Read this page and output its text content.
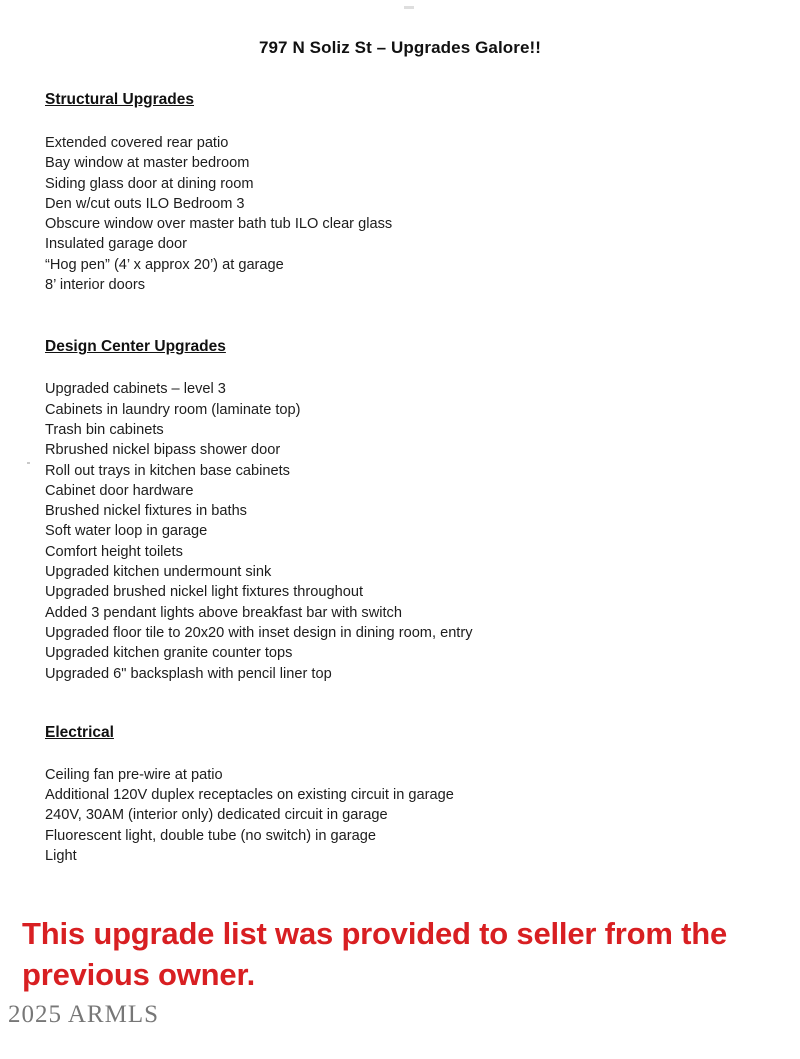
797 N Soliz St – Upgrades Galore!!
Structural Upgrades
Extended covered rear patio
Bay window at master bedroom
Siding glass door at dining room
Den w/cut outs ILO Bedroom 3
Obscure window over master bath tub ILO clear glass
Insulated garage door
“Hog pen” (4’ x approx 20’) at garage
8’ interior doors
Design Center Upgrades
Upgraded cabinets – level 3
Cabinets in laundry room (laminate top)
Trash bin cabinets
Rbrushed nickel bipass shower door
Roll out trays in kitchen base cabinets
Cabinet door hardware
Brushed nickel fixtures in baths
Soft water loop in garage
Comfort height toilets
Upgraded kitchen undermount sink
Upgraded brushed nickel light fixtures throughout
Added 3 pendant lights above breakfast bar with switch
Upgraded floor tile to 20x20 with inset design in dining room, entry
Upgraded kitchen granite counter tops
Upgraded 6" backsplash with pencil liner top
Electrical
Ceiling fan pre-wire at patio
Additional 120V duplex receptacles on existing circuit in garage
240V, 30AM (interior only) dedicated circuit in garage
Fluorescent light, double tube (no switch) in garage
Light
This upgrade list was provided to seller from the previous owner.
2025 ARMLS
